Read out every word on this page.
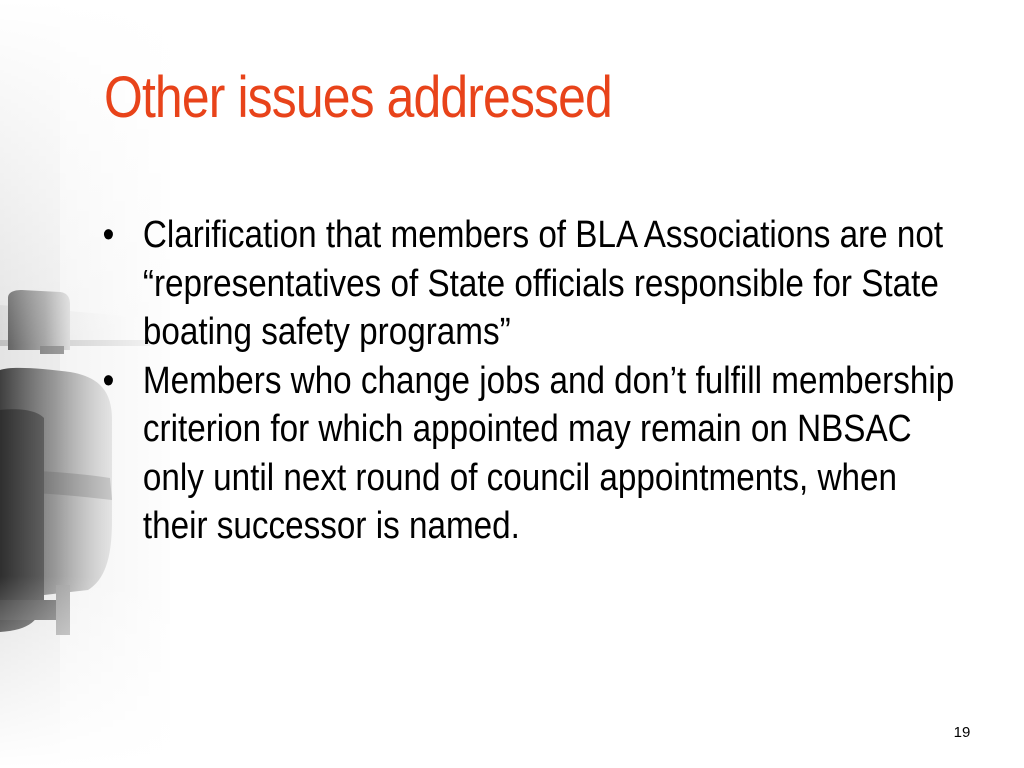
Other issues addressed
• Clarification that members of BLA Associations are not “representatives of State officials responsible for State boating safety programs”
• Members who change jobs and don’t fulfill membership criterion for which appointed may remain on NBSAC only until next round of council appointments, when their successor is named.
19
